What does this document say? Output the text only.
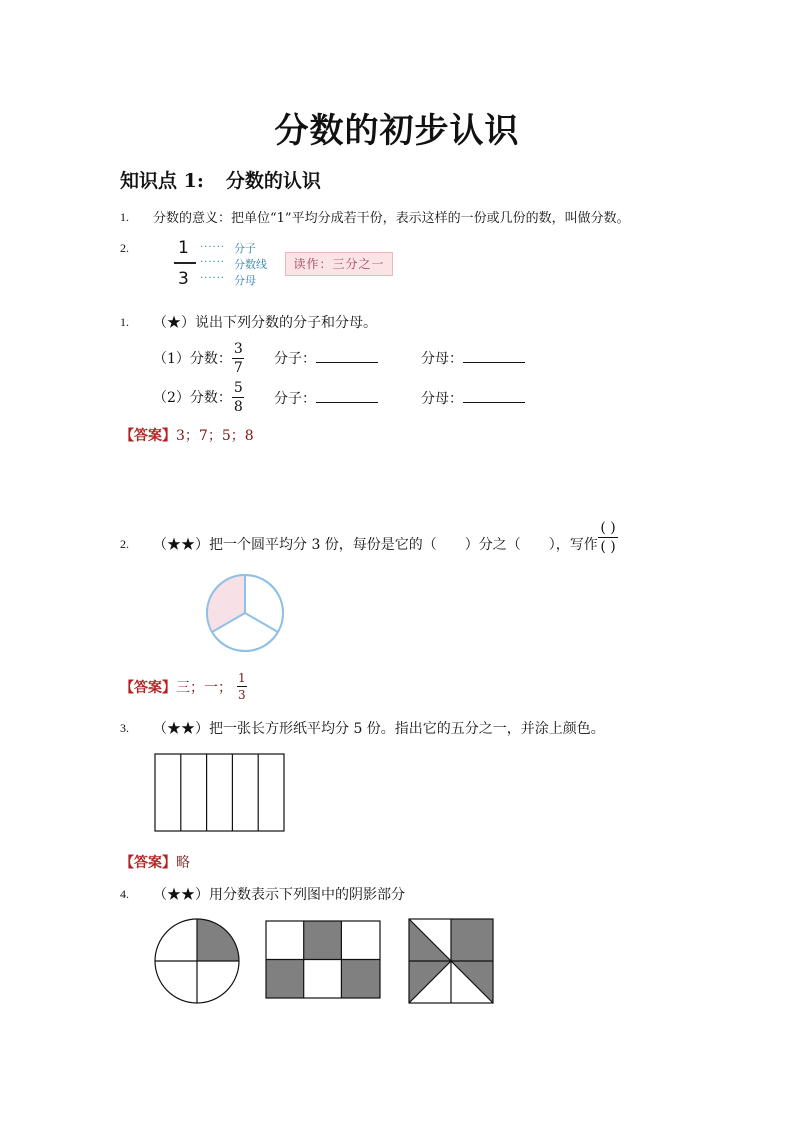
分数的初步认识
知识点 1: 分数的认识
1. 分数的意义：把单位“1”平均分成若干份，表示这样的一份或几份的数，叫做分数。
2.	1
3
······
······
······
分子
分数线
分母
读作：三分之一
1. （★）说出下列分数的分子和分母。
（1）分数： $\frac{3}{7}$ 分子：	分母：
（2）分数： $\frac{5}{8}$ 分子：	分母：
【答案】3；7；5；8
2. （★★）把一个圆平均分 3 份，每份是它的（　　）分之（　　），写作 $\frac{( )}{( )}$
【答案】 三；一； $\frac{1}{3}$
3. （★★）把一张长方形纸平均分 5 份。指出它的五分之一，并涂上颜色。
【答案】略
4. （★★）用分数表示下列图中的阴影部分
